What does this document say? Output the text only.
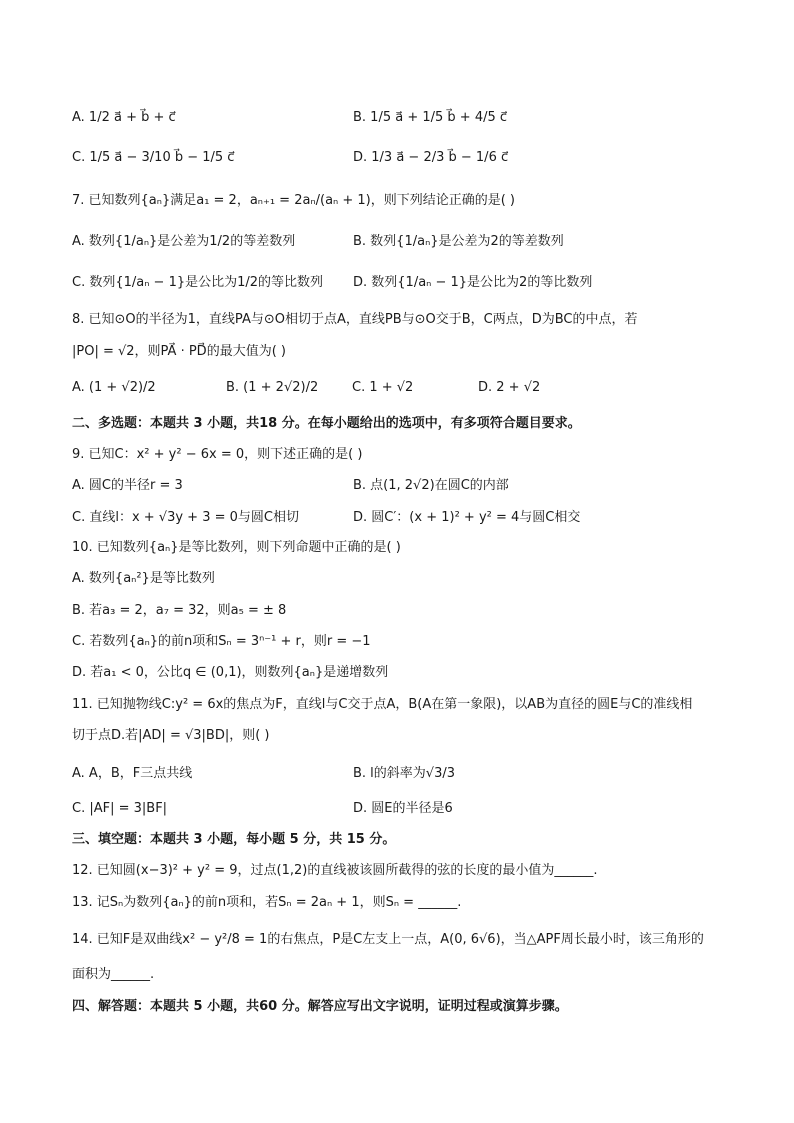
A. 1/2 a⃗ + b⃗ + c⃗	B. 1/5 a⃗ + 1/5 b⃗ + 4/5 c⃗
C. 1/5 a⃗ − 3/10 b⃗ − 1/5 c⃗	D. 1/3 a⃗ − 2/3 b⃗ − 1/6 c⃗
7. 已知数列{aₙ}满足a₁ = 2，aₙ₊₁ = 2aₙ/(aₙ + 1)，则下列结论正确的是( )
A. 数列{1/aₙ}是公差为1/2的等差数列	B. 数列{1/aₙ}是公差为2的等差数列
C. 数列{1/aₙ − 1}是公比为1/2的等比数列 D. 数列{1/aₙ − 1}是公比为2的等比数列
8. 已知⊙O的半径为1，直线PA与⊙O相切于点A，直线PB与⊙O交于B，C两点，D为BC的中点，若
|PO| = √2，则PA⃗ · PD⃗的最大值为( )
A. (1 + √2)/2	B. (1 + 2√2)/2	C. 1 + √2	D. 2 + √2
二、多选题：本题共 3 小题，共18 分。在每小题给出的选项中，有多项符合题目要求。
9. 已知C：x² + y² − 6x = 0，则下述正确的是( )
A. 圆C的半径r = 3	B. 点(1, 2√2)在圆C的内部
C. 直线l：x + √3y + 3 = 0与圆C相切	D. 圆C′：(x + 1)² + y² = 4与圆C相交
10. 已知数列{aₙ}是等比数列，则下列命题中正确的是( )
A. 数列{aₙ²}是等比数列
B. 若a₃ = 2，a₇ = 32，则a₅ = ± 8
C. 若数列{aₙ}的前n项和Sₙ = 3ⁿ⁻¹ + r，则r = −1
D. 若a₁ < 0，公比q ∈ (0,1)，则数列{aₙ}是递增数列
11. 已知抛物线C:y² = 6x的焦点为F，直线l与C交于点A，B(A在第一象限)，以AB为直径的圆E与C的准线相
切于点D.若|AD| = √3|BD|，则( )
A. A，B，F三点共线	B. l的斜率为√3/3
C. |AF| = 3|BF|	D. 圆E的半径是6
三、填空题：本题共 3 小题，每小题 5 分，共 15 分。
12. 已知圆(x−3)² + y² = 9，过点(1,2)的直线被该圆所截得的弦的长度的最小值为______.
13. 记Sₙ为数列{aₙ}的前n项和，若Sₙ = 2aₙ + 1，则Sₙ = ______.
14. 已知F是双曲线x² − y²/8 = 1的右焦点，P是C左支上一点，A(0, 6√6)，当△APF周长最小时，该三角形的
面积为______.
四、解答题：本题共 5 小题，共60 分。解答应写出文字说明，证明过程或演算步骤。
